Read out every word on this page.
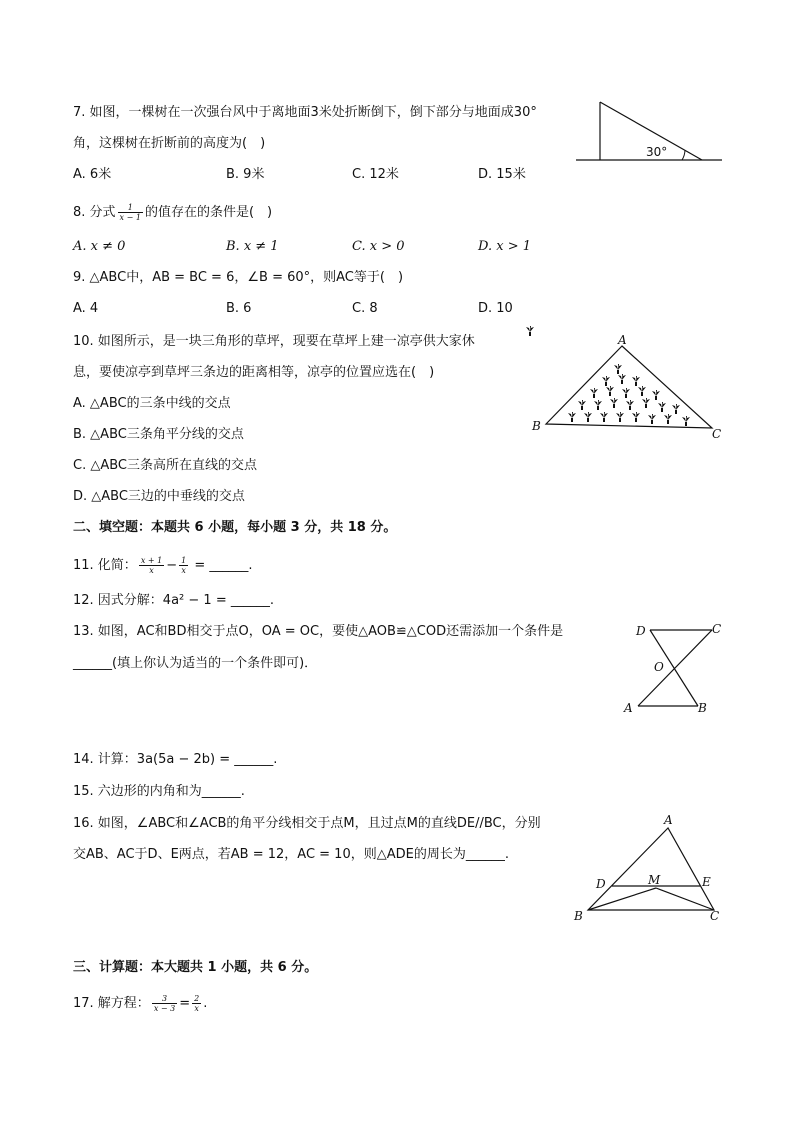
7. 如图，一棵树在一次强台风中于离地面3米处折断倒下，倒下部分与地面成30°
角，这棵树在折断前的高度为(　)
A. 6米	B. 9米	C. 12米	D. 15米
30°
8. 分式 $\frac{1}{x - 1}$ 的值存在的条件是(　)
A. x ≠ 0	B. x ≠ 1	C. x > 0	D. x > 1
9. △ABC中，AB = BC = 6，∠B = 60°，则AC等于(　)
A. 4	B. 6	C. 8	D. 10
10. 如图所示，是一块三角形的草坪，现要在草坪上建一凉亭供大家休
息，要使凉亭到草坪三条边的距离相等，凉亭的位置应选在(　)
A. △ABC的三条中线的交点
B. △ABC三条角平分线的交点
C. △ABC三条高所在直线的交点
D. △ABC三边的中垂线的交点
A
B
C
二、填空题：本题共 6 小题，每小题 3 分，共 18 分。
11. 化简： $\frac{x + 1}{x} - \frac{1}{x}$ = ______.
12. 因式分解：4a² − 1 = ______.
13. 如图，AC和BD相交于点O，OA = OC，要使△AOB≌△COD还需添加一个条件是
______(填上你认为适当的一个条件即可)．
D	C
O
A	B
14. 计算：3a(5a − 2b) = ______.
15. 六边形的内角和为______.
16. 如图，∠ABC和∠ACB的角平分线相交于点M，且过点M的直线DE//BC，分别
交AB、AC于D、E两点，若AB = 12，AC = 10，则△ADE的周长为______.
A
D	M	E
B	C
三、计算题：本大题共 1 小题，共 6 分。
17. 解方程： $\frac{3}{x - 3} = \frac{2}{x}$ .
